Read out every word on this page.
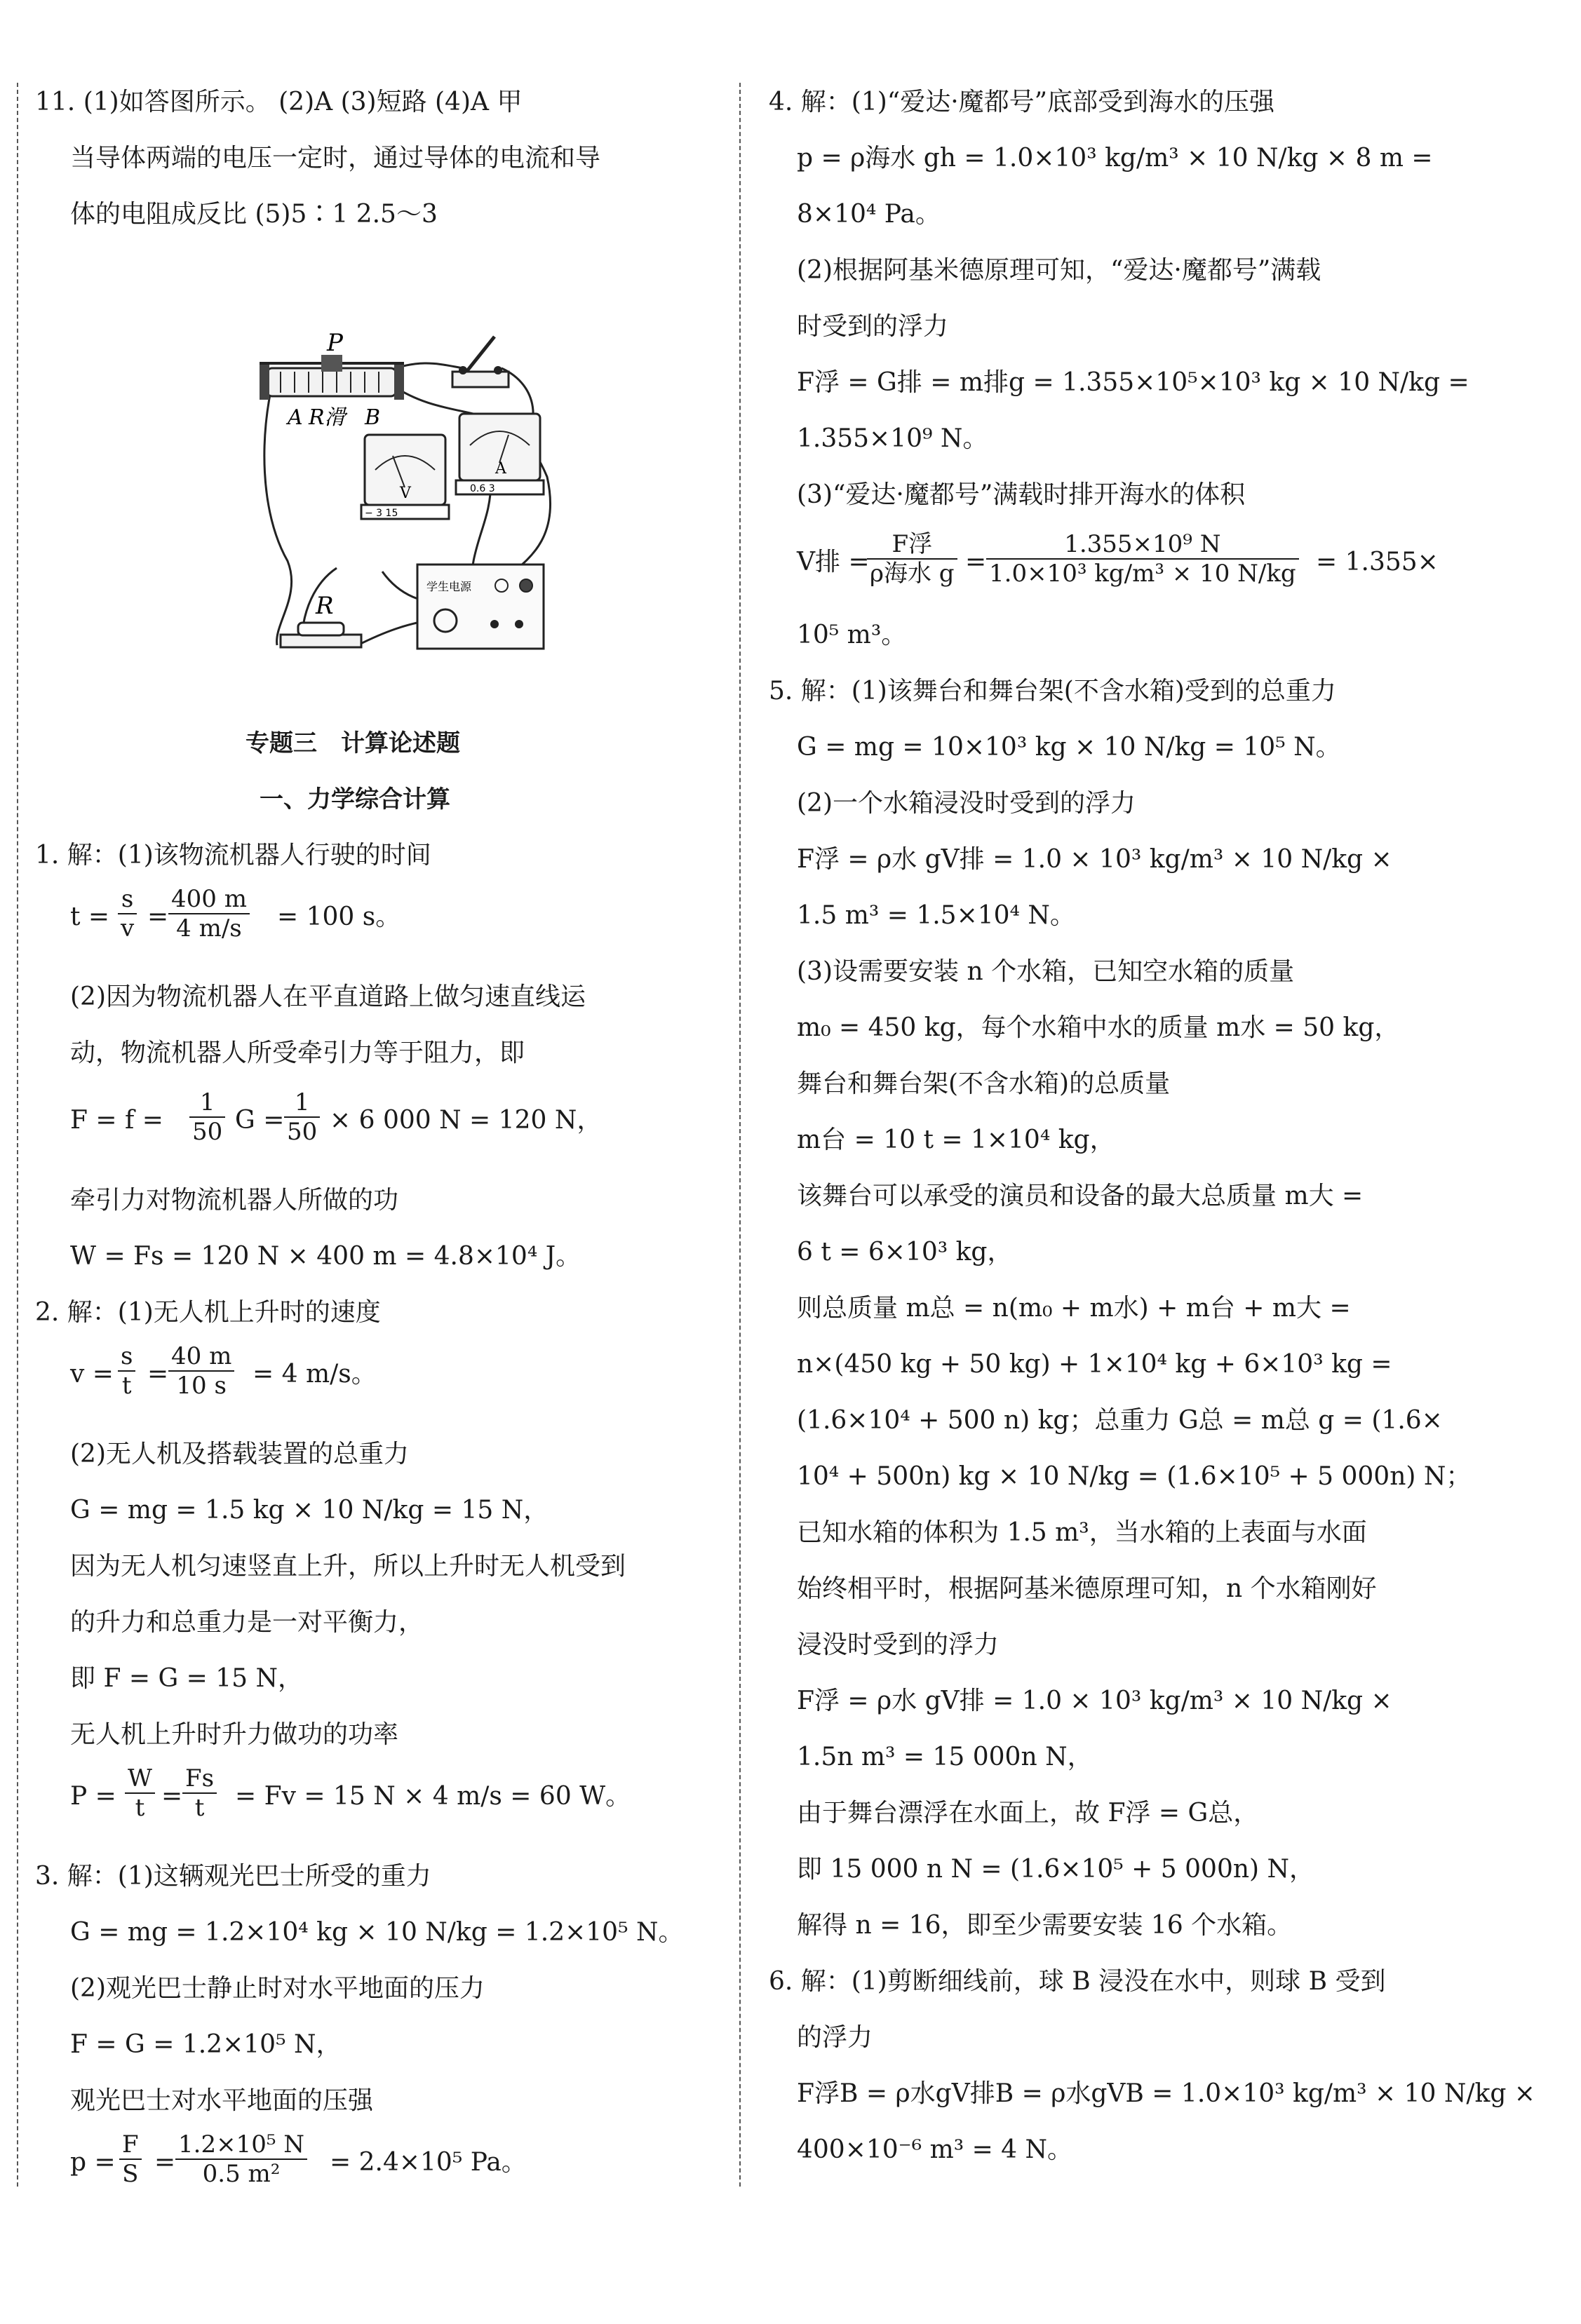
11. (1)如答图所示。 (2)A (3)短路 (4)A 甲
当导体两端的电压一定时，通过导体的电流和导
体的电阻成反比 (5)5∶1 2.5～3
P
A R滑 B
V
− 3 15
A
0.6 3
R
学生电源
专题三　计算论述题
一、力学综合计算
1. 解：(1)该物流机器人行驶的时间
$t = \frac{s}{v} = \frac{400 m}{4 m/s} = 100$ s。
(2)因为物流机器人在平直道路上做匀速直线运
动，物流机器人所受牵引力等于阻力，即
$F = f = \frac{1}{50}$ $G = \frac{1}{50} \times 6$ 000 N = 120 N，
牵引力对物流机器人所做的功
W = Fs = 120 N × 400 m = 4.8×10⁴ J。
2. 解：(1)无人机上升时的速度
$v = \frac{s}{t} = \frac{40 m}{10 s} = 4$ m/s。
(2)无人机及搭载装置的总重力
G = mg = 1.5 kg × 10 N/kg = 15 N，
因为无人机匀速竖直上升，所以上升时无人机受到
的升力和总重力是一对平衡力，
即 F = G = 15 N，
无人机上升时升力做功的功率
$P = \frac{W}{t} = \frac{Fs}{t} = Fv = 15$ N × 4 m/s = 60 W。
3. 解：(1)这辆观光巴士所受的重力
G = mg = 1.2×10⁴ kg × 10 N/kg = 1.2×10⁵ N。
(2)观光巴士静止时对水平地面的压力
F = G = 1.2×10⁵ N，
观光巴士对水平地面的压强
$p = \frac{F}{S} = \frac{\text{1.2×10⁵ N}}{\text{0.5 m²}} = 2.4\times 10^5$ Pa。
4. 解：(1)“爱达·魔都号”底部受到海水的压强
p = ρ海水 gh = 1.0×10³ kg/m³ × 10 N/kg × 8 m =
8×10⁴ Pa。
(2)根据阿基米德原理可知，“爱达·魔都号”满载
时受到的浮力
F浮 = G排 = m排g = 1.355×10⁵×10³ kg × 10 N/kg =
1.355×10⁹ N。
(3)“爱达·魔都号”满载时排开海水的体积
V排 =
F浮
ρ海水 $g = \frac{\text{1.355×10⁹ N}}{\text{1.0×10³ kg/m³ × 10 N/kg}} = 1.355\times$
10⁵ m³。
5. 解：(1)该舞台和舞台架(不含水箱)受到的总重力
G = mg = 10×10³ kg × 10 N/kg = 10⁵ N。
(2)一个水箱浸没时受到的浮力
F浮 = ρ水 gV排 = 1.0 × 10³ kg/m³ × 10 N/kg ×
1.5 m³ = 1.5×10⁴ N。
(3)设需要安装 n 个水箱，已知空水箱的质量
m₀ = 450 kg，每个水箱中水的质量 m水 = 50 kg，
舞台和舞台架(不含水箱)的总质量
m台 = 10 t = 1×10⁴ kg，
该舞台可以承受的演员和设备的最大总质量 m大 =
6 t = 6×10³ kg，
则总质量 m总 = n(m₀ + m水) + m台 + m大 =
n×(450 kg + 50 kg) + 1×10⁴ kg + 6×10³ kg =
(1.6×10⁴ + 500 n) kg；总重力 G总 = m总 g = (1.6×
10⁴ + 500n) kg × 10 N/kg = (1.6×10⁵ + 5 000n) N；
已知水箱的体积为 1.5 m³，当水箱的上表面与水面
始终相平时，根据阿基米德原理可知，n 个水箱刚好
浸没时受到的浮力
F浮 = ρ水 gV排 = 1.0 × 10³ kg/m³ × 10 N/kg ×
1.5n m³ = 15 000n N，
由于舞台漂浮在水面上，故 F浮 = G总，
即 15 000 n N = (1.6×10⁵ + 5 000n) N，
解得 n = 16，即至少需要安装 16 个水箱。
6. 解：(1)剪断细线前，球 B 浸没在水中，则球 B 受到
的浮力
F浮B = ρ水gV排B = ρ水gVB = 1.0×10³ kg/m³ × 10 N/kg ×
400×10⁻⁶ m³ = 4 N。
